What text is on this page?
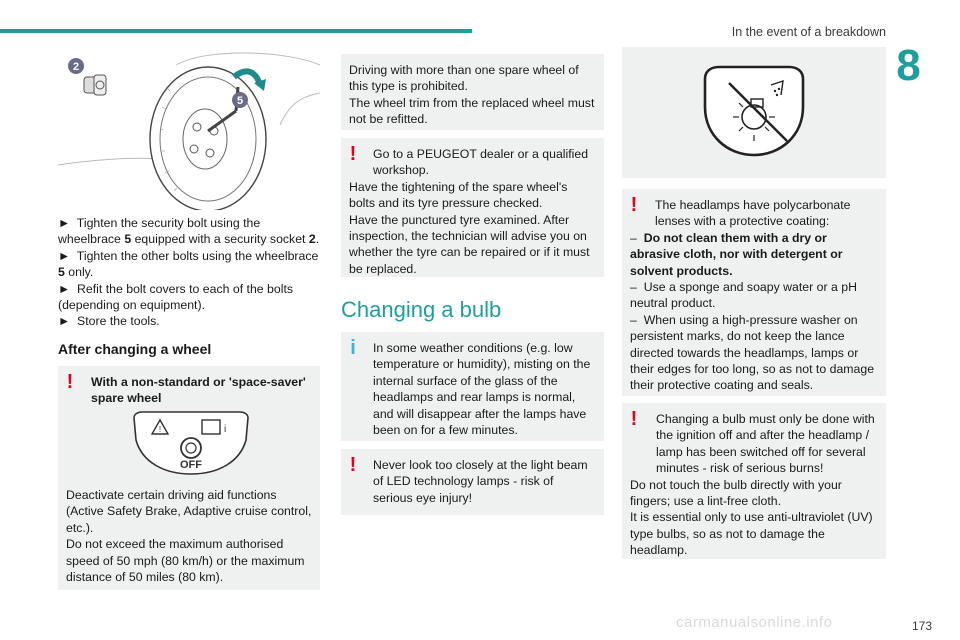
In the event of a breakdown
8
5
2

► Tighten the security bolt using the wheelbrace 5 equipped with a security socket 2.

► Tighten the other bolts using the wheelbrace 5 only.

► Refit the bolt covers to each of the bolts (depending on equipment).

► Store the tools.

After changing a wheel
!	With a non-standard or 'space-saver' spare wheel

!	i
OFF

Deactivate certain driving aid functions (Active Safety Brake, Adaptive cruise control, etc.).

Do not exceed the maximum authorised speed of 50 mph (80 km/h) or the maximum distance of 50 miles (80 km).

Driving with more than one spare wheel of this type is prohibited.

The wheel trim from the replaced wheel must not be refitted.

!	Go to a PEUGEOT dealer or a qualified workshop.

Have the tightening of the spare wheel's bolts and its tyre pressure checked.

Have the punctured tyre examined. After inspection, the technician will advise you on whether the tyre can be repaired or if it must be replaced.

Changing a bulb
i	In some weather conditions (e.g. low temperature or humidity), misting on the internal surface of the glass of the headlamps and rear lamps is normal, and will disappear after the lamps have been on for a few minutes.

!	Never look too closely at the light beam of LED technology lamps - risk of serious eye injury!

!	The headlamps have polycarbonate lenses with a protective coating:

– Do not clean them with a dry or abrasive cloth, nor with detergent or solvent products.

– Use a sponge and soapy water or a pH neutral product.

– When using a high-pressure washer on persistent marks, do not keep the lance directed towards the headlamps, lamps or their edges for too long, so as not to damage their protective coating and seals.

!	Changing a bulb must only be done with the ignition off and after the headlamp / lamp has been switched off for several minutes - risk of serious burns!

Do not touch the bulb directly with your fingers; use a lint-free cloth.

It is essential only to use anti-ultraviolet (UV) type bulbs, so as not to damage the headlamp.

carmanualsonline.info	173
